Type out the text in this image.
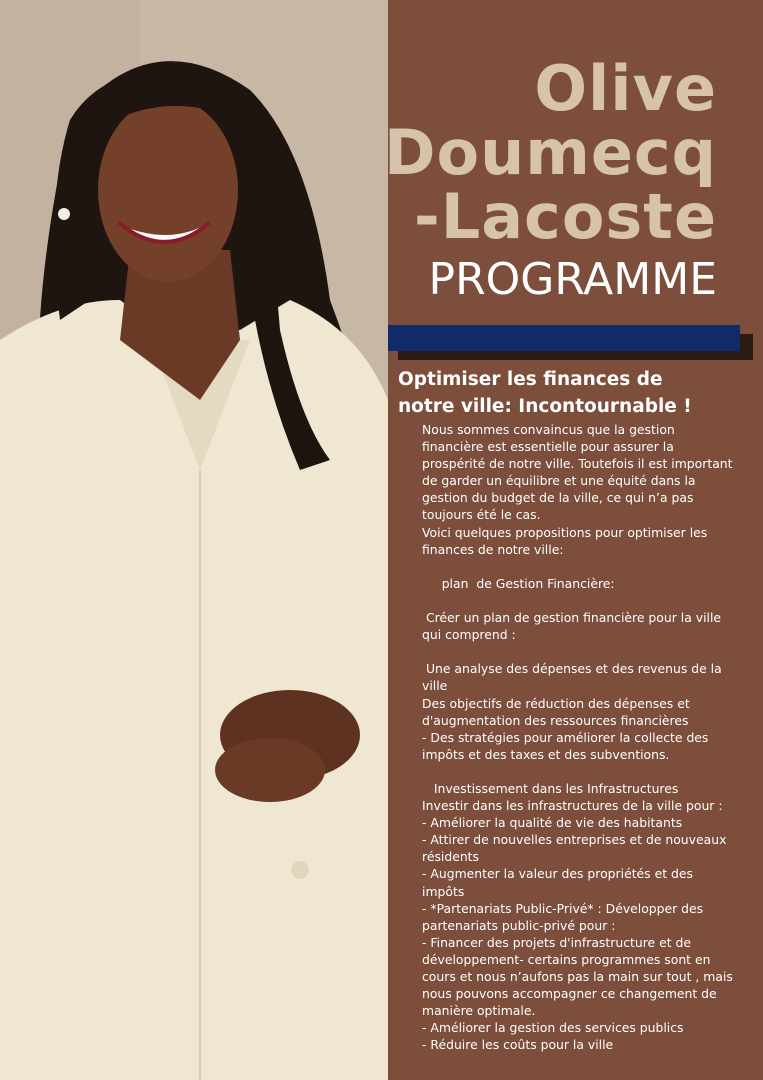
Olive
Doumecq
-Lacoste
PROGRAMME
Optimiser les finances de
notre ville: Incontournable !
Nous sommes convaincus que la gestion
financière est essentielle pour assurer la
prospérité de notre ville. Toutefois il est important
de garder un équilibre et une équité dans la
gestion du budget de la ville, ce qui n’a pas
toujours été le cas.
Voici quelques propositions pour optimiser les
finances de notre ville:
plan  de Gestion Financière:
Créer un plan de gestion financière pour la ville
qui comprend :
Une analyse des dépenses et des revenus de la
ville
Des objectifs de réduction des dépenses et
d'augmentation des ressources financières
- Des stratégies pour améliorer la collecte des
impôts et des taxes et des subventions.
Investissement dans les Infrastructures
Investir dans les infrastructures de la ville pour :
- Améliorer la qualité de vie des habitants
- Attirer de nouvelles entreprises et de nouveaux
résidents
- Augmenter la valeur des propriétés et des
impôts
- *Partenariats Public-Privé* : Développer des
partenariats public-privé pour :
- Financer des projets d'infrastructure et de
développement- certains programmes sont en
cours et nous n’aufons pas la main sur tout , mais
nous pouvons accompagner ce changement de
manière optimale.
- Améliorer la gestion des services publics
- Réduire les coûts pour la ville
